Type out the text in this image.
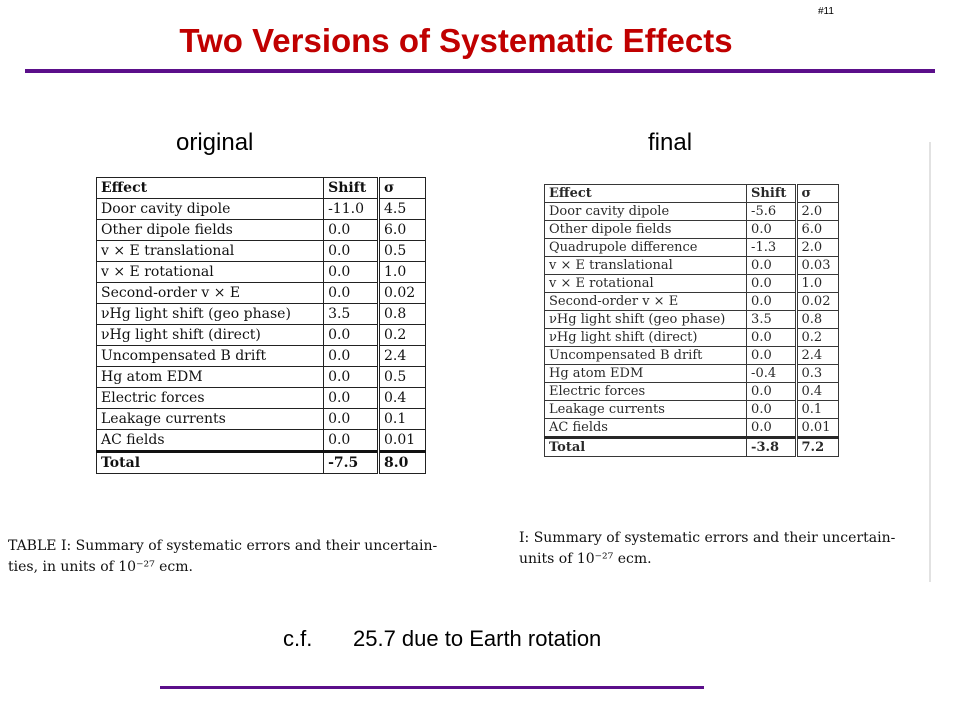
#11
Two Versions of Systematic Effects
original	final
Effect	Shift	σ
Door cavity dipole	-11.0	4.5
Other dipole fields	0.0	6.0
v × E translational	0.0	0.5
v × E rotational	0.0	1.0
Second-order v × E	0.0	0.02
νHg light shift (geo phase)	3.5	0.8
νHg light shift (direct)	0.0	0.2
Uncompensated B drift	0.0	2.4
Hg atom EDM	0.0	0.5
Electric forces	0.0	0.4
Leakage currents	0.0	0.1
AC fields	0.0	0.01
Total	-7.5	8.0
Effect	Shift	σ
Door cavity dipole	-5.6	2.0
Other dipole fields	0.0	6.0
Quadrupole difference	-1.3	2.0
v × E translational	0.0	0.03
v × E rotational	0.0	1.0
Second-order v × E	0.0	0.02
νHg light shift (geo phase)	3.5	0.8
νHg light shift (direct)	0.0	0.2
Uncompensated B drift	0.0	2.4
Hg atom EDM	-0.4	0.3
Electric forces	0.0	0.4
Leakage currents	0.0	0.1
AC fields	0.0	0.01
Total	-3.8	7.2
TABLE I: Summary of systematic errors and their uncertain-
ties, in units of 10⁻²⁷ ecm.
I: Summary of systematic errors and their uncertain-
units of 10⁻²⁷ ecm.
c.f. 25.7 due to Earth rotation
